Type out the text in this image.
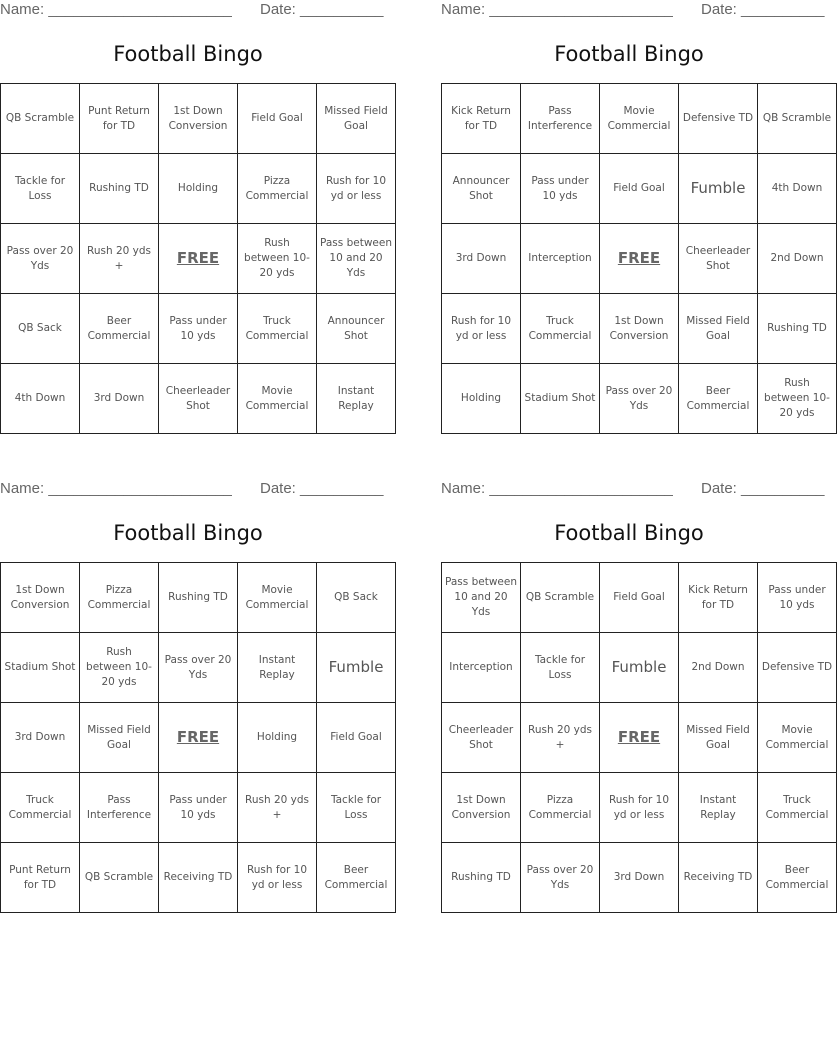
Name: ______________________ Date: __________
Football Bingo
QB Scramble	Punt Return for TD	1st Down Conversion	Field Goal	Missed Field Goal
Tackle for Loss	Rushing TD	Holding	Pizza Commercial	Rush for 10 yd or less
Pass over 20 Yds	Rush 20 yds +	FREE	Rush between 10-20 yds	Pass between 10 and 20 Yds
QB Sack	Beer Commercial	Pass under 10 yds	Truck Commercial	Announcer Shot
4th Down	3rd Down	Cheerleader Shot	Movie Commercial	Instant Replay
Name: ______________________ Date: __________
Football Bingo
Kick Return for TD	Pass Interference	Movie Commercial	Defensive TD	QB Scramble
Announcer Shot	Pass under 10 yds	Field Goal	Fumble	4th Down
3rd Down	Interception	FREE	Cheerleader Shot	2nd Down
Rush for 10 yd or less	Truck Commercial	1st Down Conversion	Missed Field Goal	Rushing TD
Holding	Stadium Shot	Pass over 20 Yds	Beer Commercial	Rush between 10-20 yds
Name: ______________________ Date: __________
Football Bingo
1st Down Conversion	Pizza Commercial	Rushing TD	Movie Commercial	QB Sack
Stadium Shot	Rush between 10-20 yds	Pass over 20 Yds	Instant Replay	Fumble
3rd Down	Missed Field Goal	FREE	Holding	Field Goal
Truck Commercial	Pass Interference	Pass under 10 yds	Rush 20 yds +	Tackle for Loss
Punt Return for TD	QB Scramble	Receiving TD	Rush for 10 yd or less	Beer Commercial
Name: ______________________ Date: __________
Football Bingo
Pass between 10 and 20 Yds	QB Scramble	Field Goal	Kick Return for TD	Pass under 10 yds
Interception	Tackle for Loss	Fumble	2nd Down	Defensive TD
Cheerleader Shot	Rush 20 yds +	FREE	Missed Field Goal	Movie Commercial
1st Down Conversion	Pizza Commercial	Rush for 10 yd or less	Instant Replay	Truck Commercial
Rushing TD	Pass over 20 Yds	3rd Down	Receiving TD	Beer Commercial
